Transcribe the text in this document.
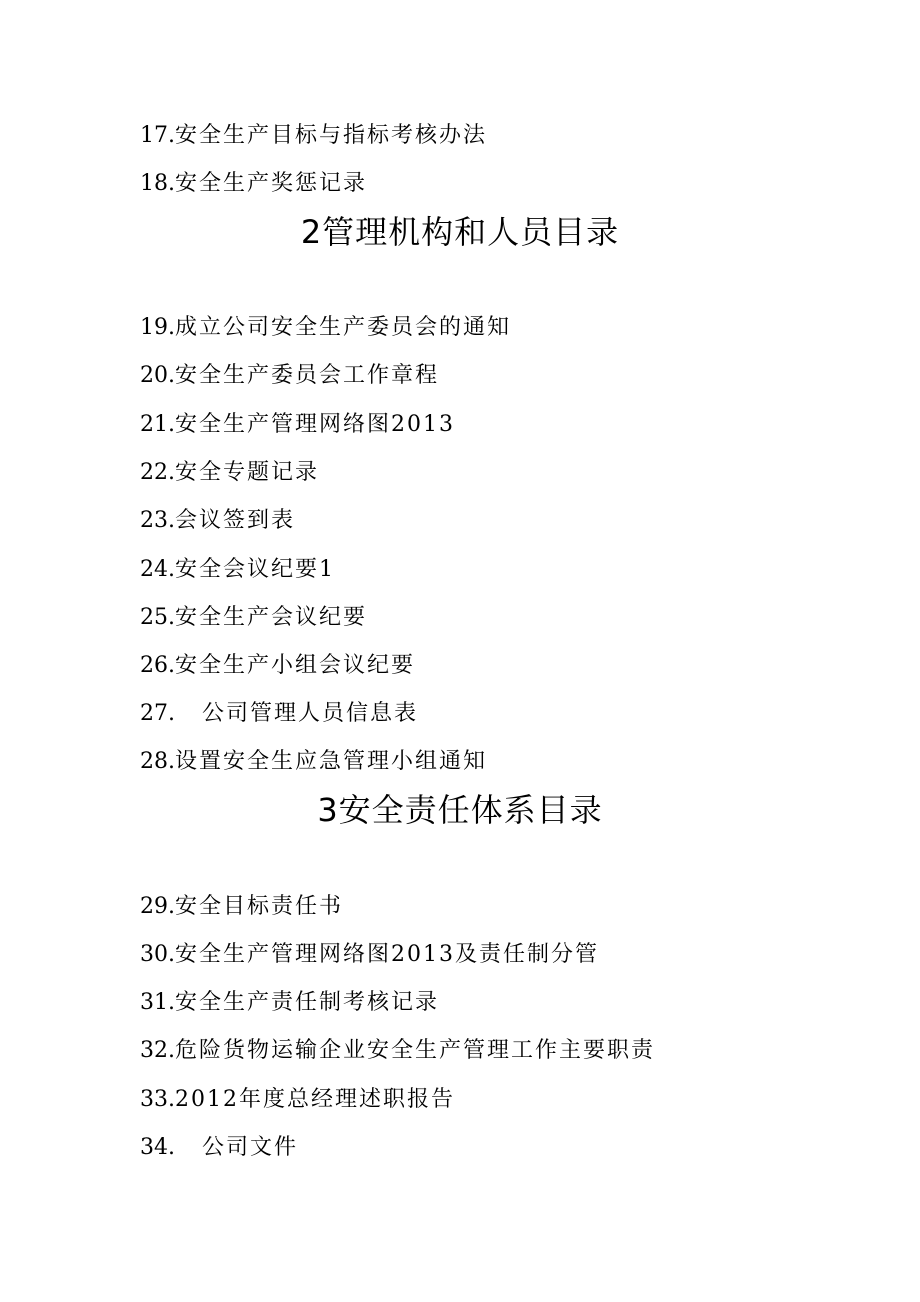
17.安全生产目标与指标考核办法
18.安全生产奖惩记录
2管理机构和人员目录
19.成立公司安全生产委员会的通知
20.安全生产委员会工作章程
21.安全生产管理网络图2013
22.安全专题记录
23.会议签到表
24.安全会议纪要1
25.安全生产会议纪要
26.安全生产小组会议纪要
27.   公司管理人员信息表
28.设置安全生应急管理小组通知
3安全责任体系目录
29.安全目标责任书
30.安全生产管理网络图2013及责任制分管
31.安全生产责任制考核记录
32.危险货物运输企业安全生产管理工作主要职责
33.2012年度总经理述职报告
34.   公司文件
